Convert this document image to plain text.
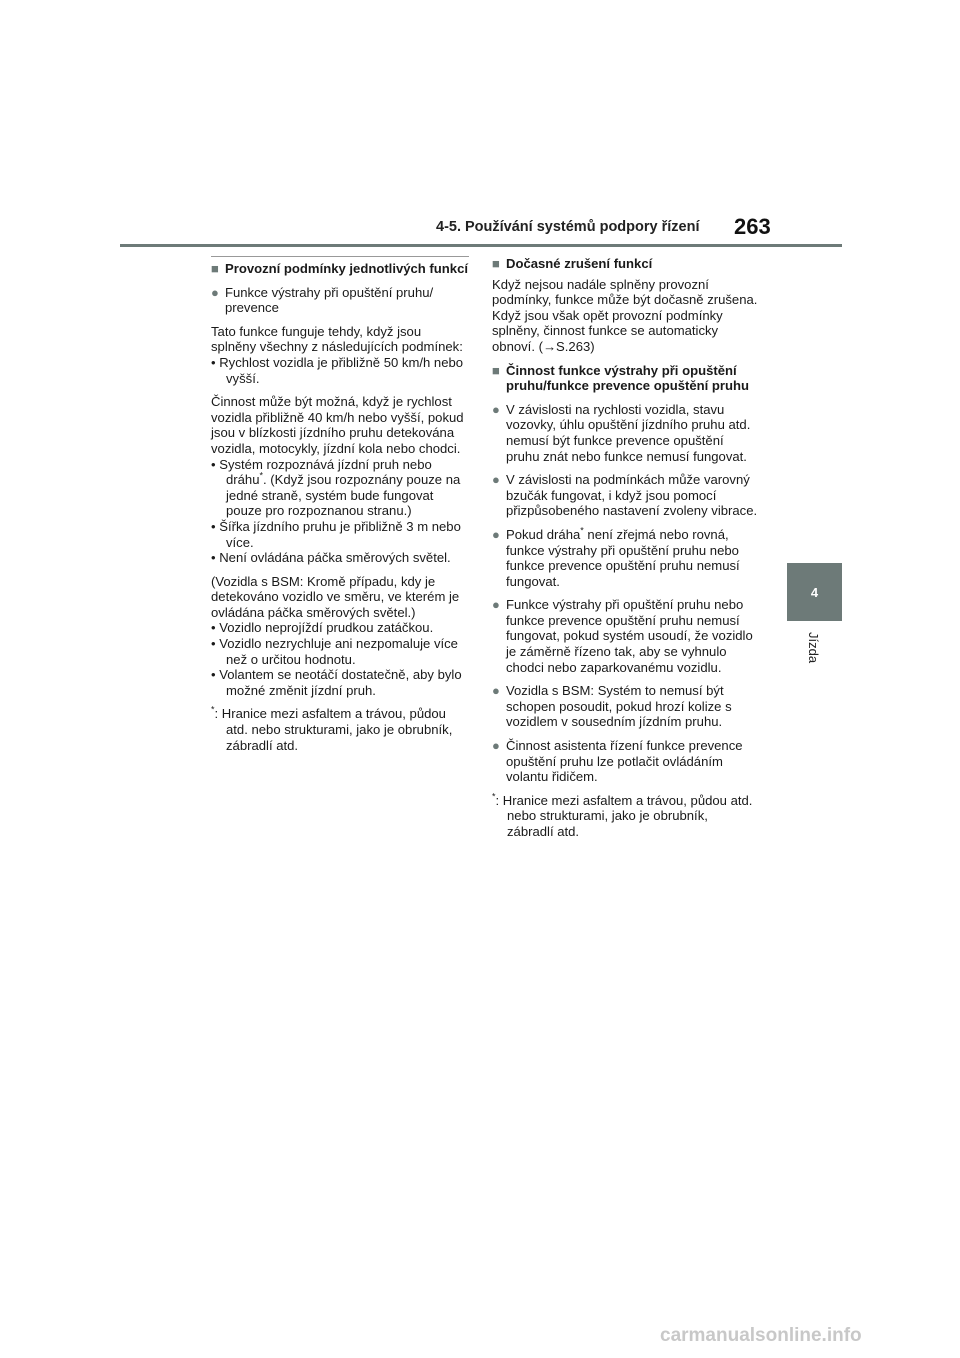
4-5. Používání systémů podpory řízení 263
4
Jízda
■ Provozní podmínky jednotlivých funkcí
● Funkce výstrahy při opuštění pruhu/ prevence

Tato funkce funguje tehdy, když jsou splněny všechny z následujících podmínek:

• Rychlost vozidla je přibližně 50 km/h nebo vyšší.

Činnost může být možná, když je rychlost vozidla přibližně 40 km/h nebo vyšší, pokud jsou v blízkosti jízdního pruhu detekována vozidla, motocykly, jízdní kola nebo chodci.

• Systém rozpoznává jízdní pruh nebo dráhu*. (Když jsou rozpoznány pouze na jedné straně, systém bude fungovat pouze pro rozpoznanou stranu.)
• Šířka jízdního pruhu je přibližně 3 m nebo více.
• Není ovládána páčka směrových světel.

(Vozidla s BSM: Kromě případu, kdy je detekováno vozidlo ve směru, ve kterém je ovládána páčka směrových světel.)

• Vozidlo neprojíždí prudkou zatáčkou.
• Vozidlo nezrychluje ani nezpomaluje více než o určitou hodnotu.
• Volantem se neotáčí dostatečně, aby bylo možné změnit jízdní pruh.
*: Hranice mezi asfaltem a trávou, půdou atd. nebo strukturami, jako je obrubník, zábradlí atd.
■ Dočasné zrušení funkcí

Když nejsou nadále splněny provozní podmínky, funkce může být dočasně zrušena. Když jsou však opět provozní podmínky splněny, činnost funkce se automaticky obnoví. (→S.263)

■ Činnost funkce výstrahy při opuštění pruhu/funkce prevence opuštění pruhu
● V závislosti na rychlosti vozidla, stavu vozovky, úhlu opuštění jízdního pruhu atd. nemusí být funkce prevence opuštění pruhu znát nebo funkce nemusí fungovat.
● V závislosti na podmínkách může varovný bzučák fungovat, i když jsou pomocí přizpůsobeného nastavení zvoleny vibrace.
● Pokud dráha* není zřejmá nebo rovná, funkce výstrahy při opuštění pruhu nebo funkce prevence opuštění pruhu nemusí fungovat.
● Funkce výstrahy při opuštění pruhu nebo funkce prevence opuštění pruhu nemusí fungovat, pokud systém usoudí, že vozidlo je záměrně řízeno tak, aby se vyhnulo chodci nebo zaparkovanému vozidlu.
● Vozidla s BSM: Systém to nemusí být schopen posoudit, pokud hrozí kolize s vozidlem v sousedním jízdním pruhu.
● Činnost asistenta řízení funkce prevence opuštění pruhu lze potlačit ovládáním volantu řidičem.
*: Hranice mezi asfaltem a trávou, půdou atd. nebo strukturami, jako je obrubník, zábradlí atd.
carmanualsonline.info
